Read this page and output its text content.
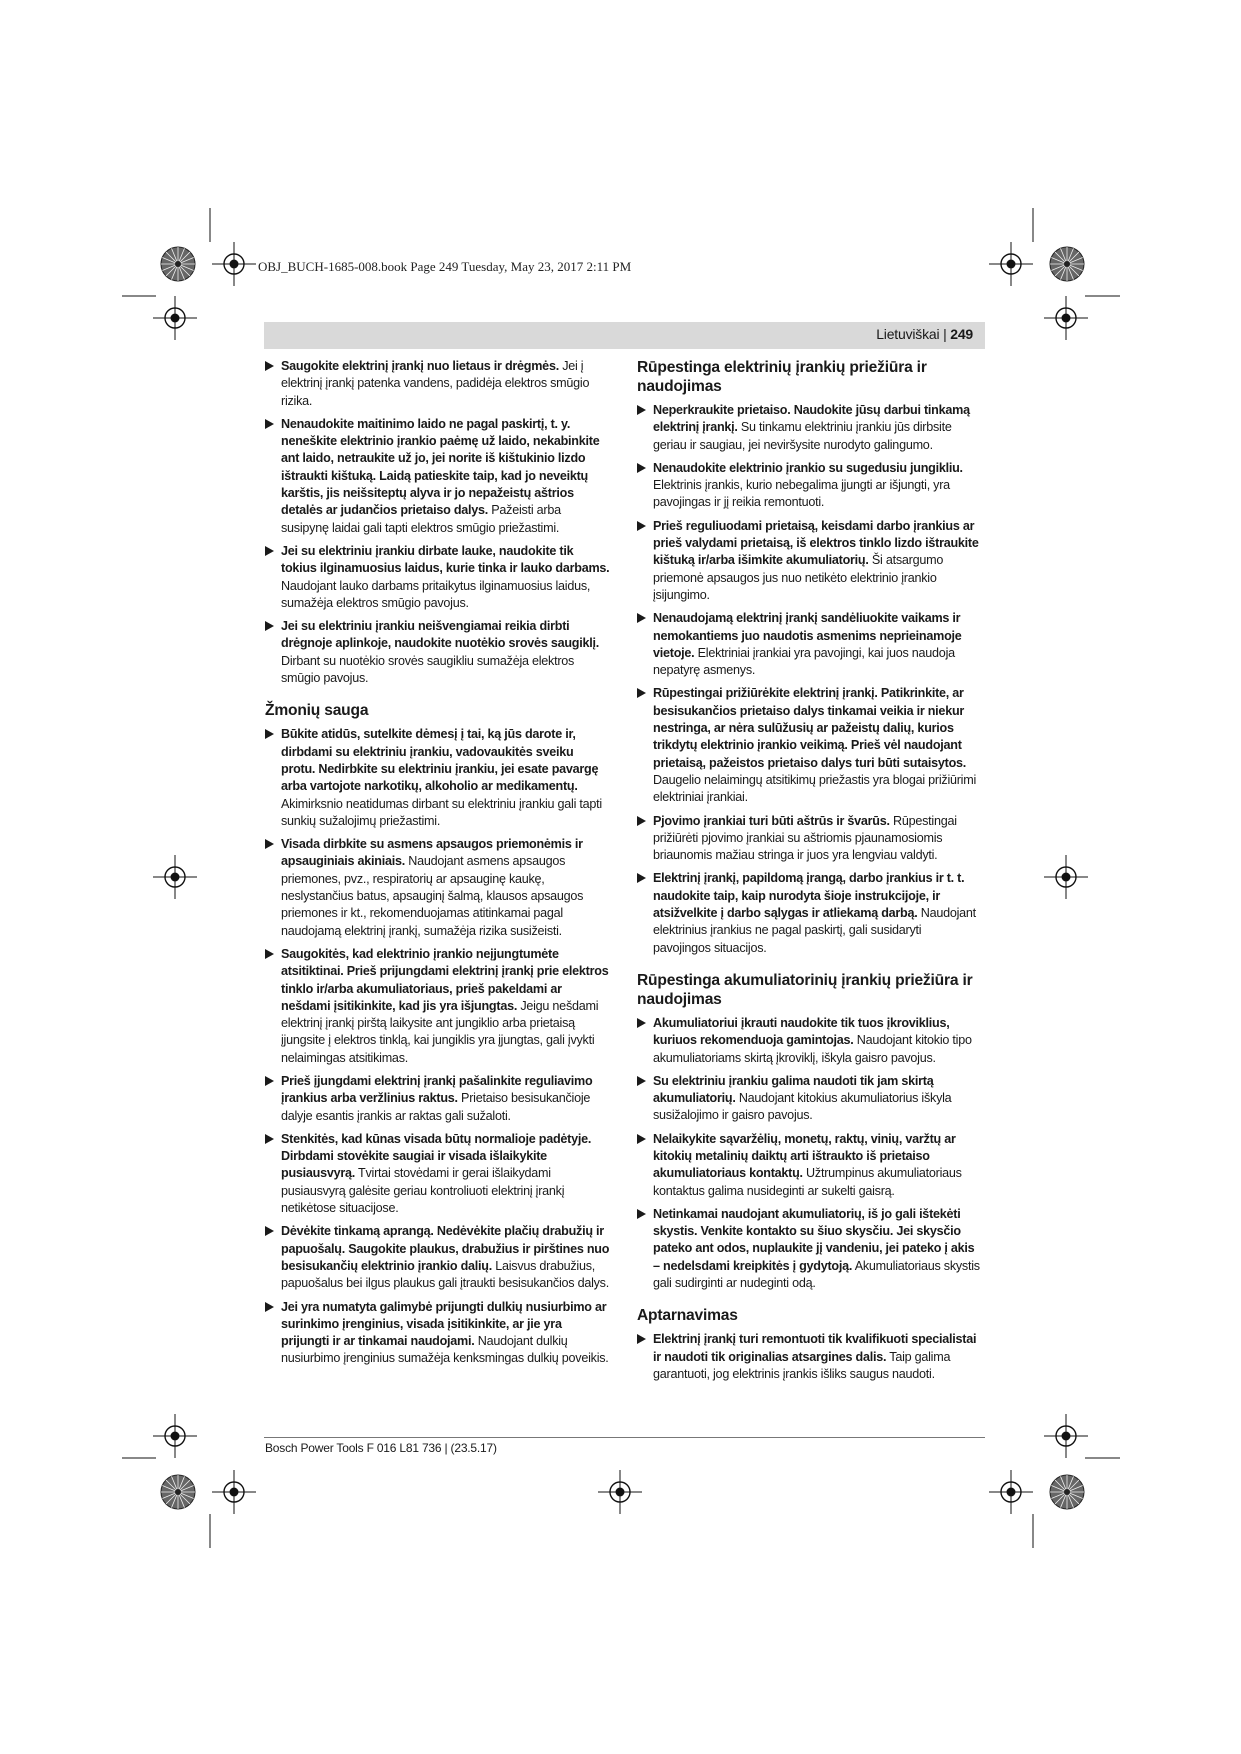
OBJ_BUCH-1685-008.book Page 249 Tuesday, May 23, 2017 2:11 PM
Lietuviškai | 249
Saugokite elektrinį įrankį nuo lietaus ir drėgmės. Jei į elektrinį įrankį patenka vandens, padidėja elektros smūgio rizika.
Nenaudokite maitinimo laido ne pagal paskirtį, t. y. neneškite elektrinio įrankio paėmę už laido, nekabinkite ant laido, netraukite už jo, jei norite iš kištukinio lizdo ištraukti kištuką. Laidą patieskite taip, kad jo neveiktų karštis, jis neišsiteptų alyva ir jo nepažeistų aštrios detalės ar judančios prietaiso dalys. Pažeisti arba susipynę laidai gali tapti elektros smūgio priežastimi.
Jei su elektriniu įrankiu dirbate lauke, naudokite tik tokius ilginamuosius laidus, kurie tinka ir lauko darbams. Naudojant lauko darbams pritaikytus ilginamuosius laidus, sumažėja elektros smūgio pavojus.
Jei su elektriniu įrankiu neišvengiamai reikia dirbti drėgnoje aplinkoje, naudokite nuotėkio srovės saugiklį. Dirbant su nuotėkio srovės saugikliu sumažėja elektros smūgio pavojus.
Žmonių sauga
Būkite atidūs, sutelkite dėmesį į tai, ką jūs darote ir, dirbdami su elektriniu įrankiu, vadovaukitės sveiku protu. Nedirbkite su elektriniu įrankiu, jei esate pavargę arba vartojote narkotikų, alkoholio ar medikamentų. Akimirksnio neatidumas dirbant su elektriniu įrankiu gali tapti sunkių sužalojimų priežastimi.
Visada dirbkite su asmens apsaugos priemonėmis ir apsauginiais akiniais. Naudojant asmens apsaugos priemones, pvz., respiratorių ar apsauginę kaukę, neslystančius batus, apsauginį šalmą, klausos apsaugos priemones ir kt., rekomenduojamas atitinkamai pagal naudojamą elektrinį įrankį, sumažėja rizika susižeisti.
Saugokitės, kad elektrinio įrankio neįjungtumėte atsitiktinai. Prieš prijungdami elektrinį įrankį prie elektros tinklo ir/arba akumuliatoriaus, prieš pakeldami ar nešdami įsitikinkite, kad jis yra išjungtas. Jeigu nešdami elektrinį įrankį pirštą laikysite ant jungiklio arba prietaisą įjungsite į elektros tinklą, kai jungiklis yra įjungtas, gali įvykti nelaimingas atsitikimas.
Prieš įjungdami elektrinį įrankį pašalinkite reguliavimo įrankius arba veržlinius raktus. Prietaiso besisukančioje dalyje esantis įrankis ar raktas gali sužaloti.
Stenkitės, kad kūnas visada būtų normalioje padėtyje. Dirbdami stovėkite saugiai ir visada išlaikykite pusiausvyrą. Tvirtai stovėdami ir gerai išlaikydami pusiausvyrą galėsite geriau kontroliuoti elektrinį įrankį netikėtose situacijose.
Dėvėkite tinkamą aprangą. Nedėvėkite plačių drabužių ir papuošalų. Saugokite plaukus, drabužius ir pirštines nuo besisukančių elektrinio įrankio dalių. Laisvus drabužius, papuošalus bei ilgus plaukus gali įtraukti besisukančios dalys.
Jei yra numatyta galimybė prijungti dulkių nusiurbimo ar surinkimo įrenginius, visada įsitikinkite, ar jie yra prijungti ir ar tinkamai naudojami. Naudojant dulkių nusiurbimo įrenginius sumažėja kenksmingas dulkių poveikis.
Rūpestinga elektrinių įrankių priežiūra ir naudojimas
Neperkraukite prietaiso. Naudokite jūsų darbui tinkamą elektrinį įrankį. Su tinkamu elektriniu įrankiu jūs dirbsite geriau ir saugiau, jei neviršysite nurodyto galingumo.
Nenaudokite elektrinio įrankio su sugedusiu jungikliu. Elektrinis įrankis, kurio nebegalima įjungti ar išjungti, yra pavojingas ir jį reikia remontuoti.
Prieš reguliuodami prietaisą, keisdami darbo įrankius ar prieš valydami prietaisą, iš elektros tinklo lizdo ištraukite kištuką ir/arba išimkite akumuliatorių. Ši atsargumo priemonė apsaugos jus nuo netikėto elektrinio įrankio įsijungimo.
Nenaudojamą elektrinį įrankį sandėliuokite vaikams ir nemokantiems juo naudotis asmenims neprieinamoje vietoje. Elektriniai įrankiai yra pavojingi, kai juos naudoja nepatyrę asmenys.
Rūpestingai prižiūrėkite elektrinį įrankį. Patikrinkite, ar besisukančios prietaiso dalys tinkamai veikia ir niekur nestringa, ar nėra sulūžusių ar pažeistų dalių, kurios trikdytų elektrinio įrankio veikimą. Prieš vėl naudojant prietaisą, pažeistos prietaiso dalys turi būti sutaisytos. Daugelio nelaimingų atsitikimų priežastis yra blogai prižiūrimi elektriniai įrankiai.
Pjovimo įrankiai turi būti aštrūs ir švarūs. Rūpestingai prižiūrėti pjovimo įrankiai su aštriomis pjaunamosiomis briaunomis mažiau stringa ir juos yra lengviau valdyti.
Elektrinį įrankį, papildomą įrangą, darbo įrankius ir t. t. naudokite taip, kaip nurodyta šioje instrukcijoje, ir atsižvelkite į darbo sąlygas ir atliekamą darbą. Naudojant elektrinius įrankius ne pagal paskirtį, gali susidaryti pavojingos situacijos.
Rūpestinga akumuliatorinių įrankių priežiūra ir naudojimas
Akumuliatoriui įkrauti naudokite tik tuos įkroviklius, kuriuos rekomenduoja gamintojas. Naudojant kitokio tipo akumuliatoriams skirtą įkroviklį, iškyla gaisro pavojus.
Su elektriniu įrankiu galima naudoti tik jam skirtą akumuliatorių. Naudojant kitokius akumuliatorius iškyla susižalojimo ir gaisro pavojus.
Nelaikykite sąvaržėlių, monetų, raktų, vinių, varžtų ar kitokių metalinių daiktų arti ištraukto iš prietaiso akumuliatoriaus kontaktų. Užtrumpinus akumuliatoriaus kontaktus galima nusideginti ar sukelti gaisrą.
Netinkamai naudojant akumuliatorių, iš jo gali ištekėti skystis. Venkite kontakto su šiuo skysčiu. Jei skysčio pateko ant odos, nuplaukite jį vandeniu, jei pateko į akis – nedelsdami kreipkitės į gydytoją. Akumuliatoriaus skystis gali sudirginti ar nudeginti odą.
Aptarnavimas
Elektrinį įrankį turi remontuoti tik kvalifikuoti specialistai ir naudoti tik originalias atsargines dalis. Taip galima garantuoti, jog elektrinis įrankis išliks saugus naudoti.
Bosch Power Tools F 016 L81 736 | (23.5.17)
